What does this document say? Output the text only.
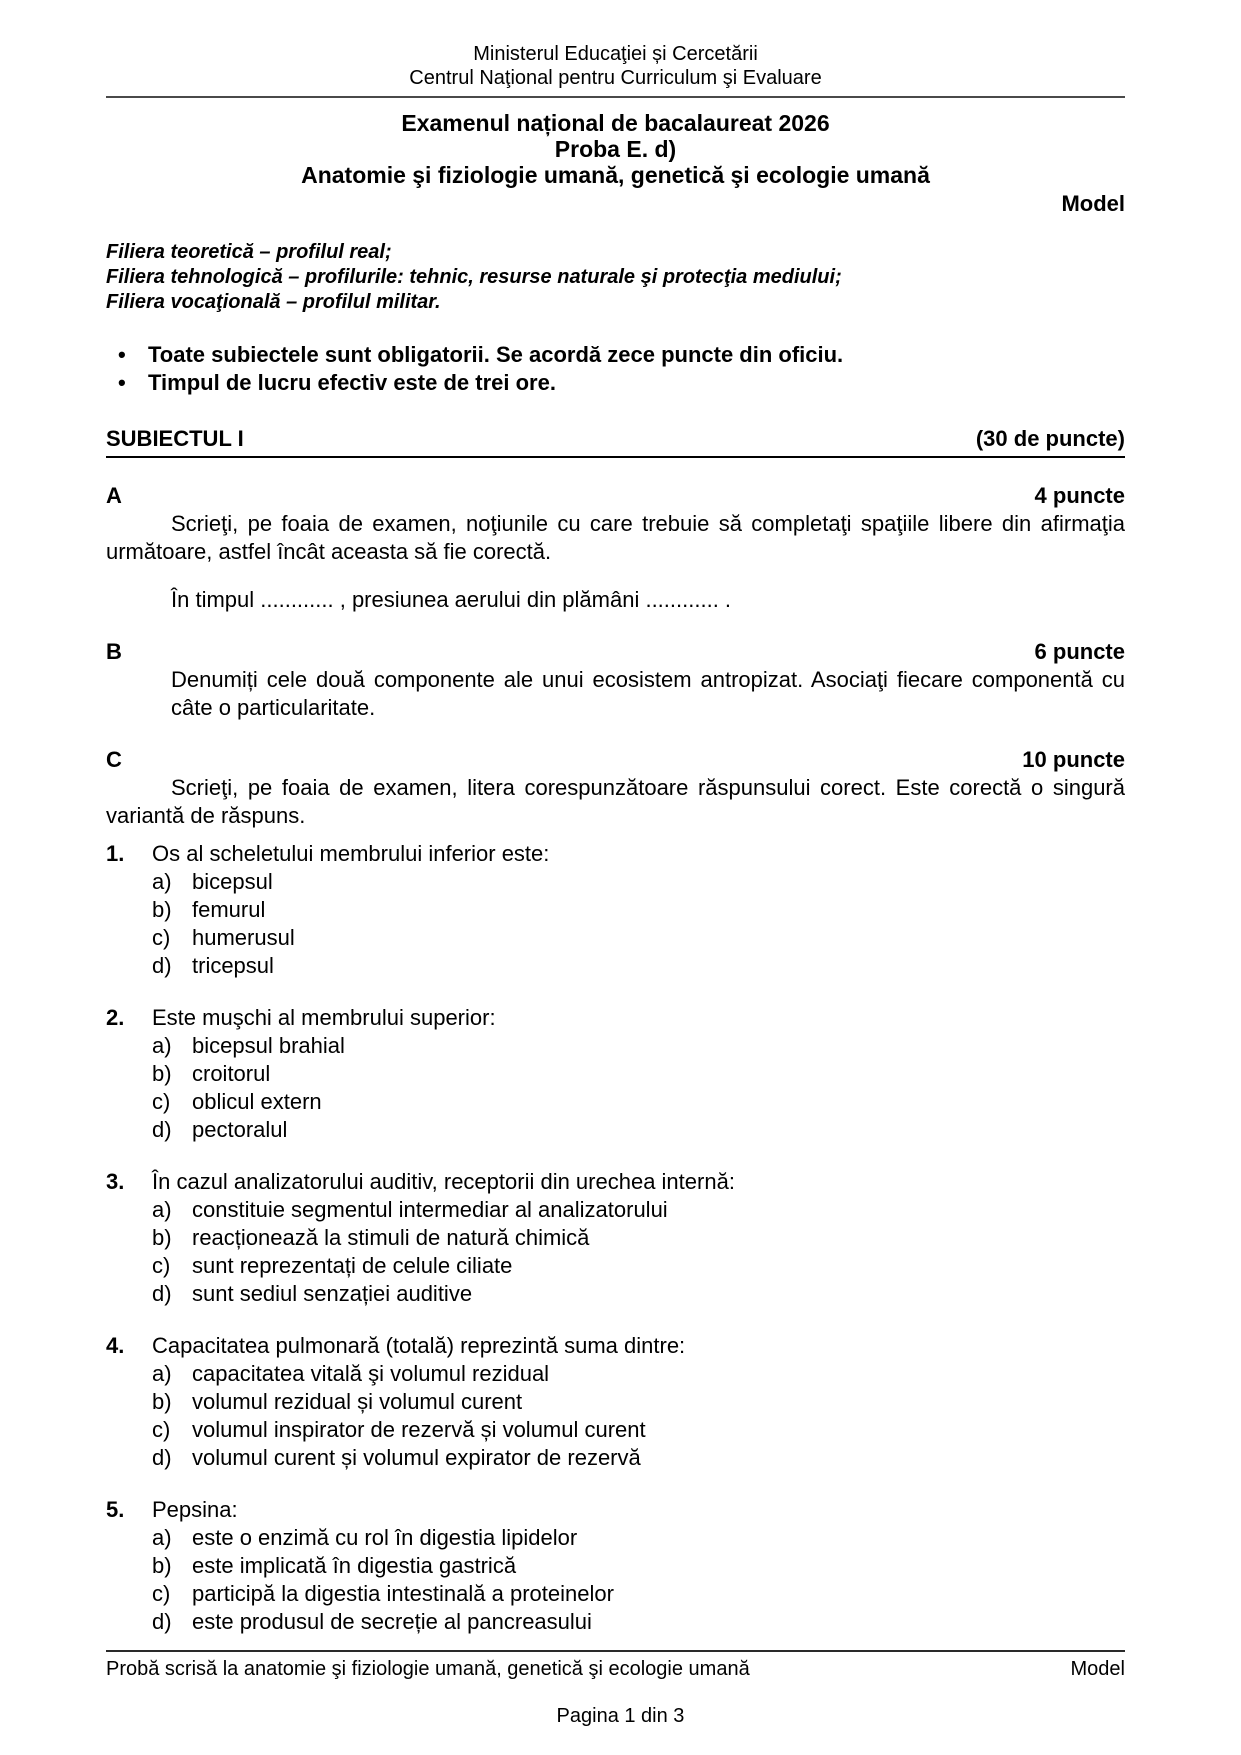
Ministerul Educaţiei și Cercetării
Centrul Naţional pentru Curriculum şi Evaluare
Examenul național de bacalaureat 2026
Proba E. d)
Anatomie şi fiziologie umană, genetică şi ecologie umană
Model
Filiera teoretică – profilul real;
Filiera tehnologică – profilurile: tehnic, resurse naturale şi protecţia mediului;
Filiera vocaţională – profilul militar.
•	Toate subiectele sunt obligatorii. Se acordă zece puncte din oficiu.
•	Timpul de lucru efectiv este de trei ore.
SUBIECTUL I	(30 de puncte)
A	4 puncte
Scrieţi, pe foaia de examen, noţiunile cu care trebuie să completaţi spaţiile libere din afirmaţia următoare, astfel încât aceasta să fie corectă.
În timpul ............ , presiunea aerului din plămâni ............ .
B	6 puncte
Denumiți cele două componente ale unui ecosistem antropizat. Asociaţi fiecare componentă cu câte o particularitate.
C	10 puncte
Scrieţi, pe foaia de examen, litera corespunzătoare răspunsului corect. Este corectă o singură variantă de răspuns.
1.	Os al scheletului membrului inferior este:
a) bicepsul
b) femurul
c) humerusul
d) tricepsul
2.	Este muşchi al membrului superior:
a) bicepsul brahial
b) croitorul
c) oblicul extern
d) pectoralul
3.	În cazul analizatorului auditiv, receptorii din urechea internă:
a) constituie segmentul intermediar al analizatorului
b) reacționează la stimuli de natură chimică
c) sunt reprezentați de celule ciliate
d) sunt sediul senzației auditive
4.	Capacitatea pulmonară (totală) reprezintă suma dintre:
a) capacitatea vitală şi volumul rezidual
b) volumul rezidual și volumul curent
c) volumul inspirator de rezervă și volumul curent
d) volumul curent și volumul expirator de rezervă
5.	Pepsina:
a) este o enzimă cu rol în digestia lipidelor
b) este implicată în digestia gastrică
c) participă la digestia intestinală a proteinelor
d) este produsul de secreție al pancreasului
Probă scrisă la anatomie şi fiziologie umană, genetică şi ecologie umană	Model
Pagina 1 din 3
